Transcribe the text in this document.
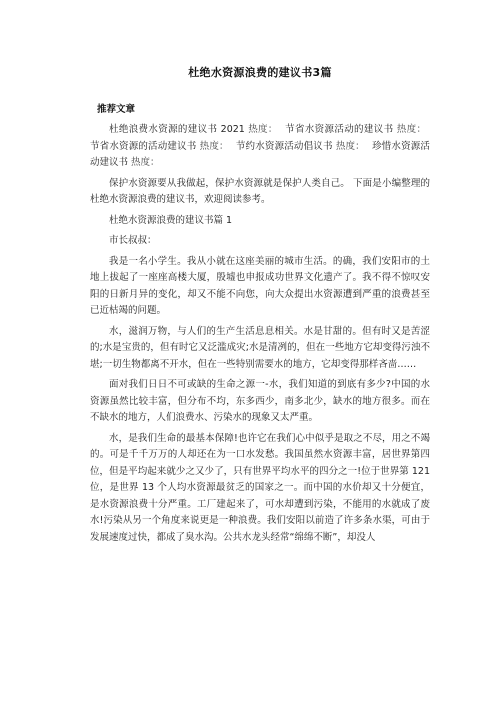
杜绝水资源浪费的建议书3篇
推荐文章

杜绝浪费水资源的建议书 2021 热度： 节省水资源活动的建议书 热度： 节省水资源的活动建议书 热度： 节约水资源活动倡议书 热度： 珍惜水资源活动建议书 热度：

保护水资源要从我做起，保护水资源就是保护人类自己。 下面是小编整理的杜绝水资源浪费的建议书，欢迎阅读参考。

杜绝水资源浪费的建议书篇 1

市长叔叔：

我是一名小学生。我从小就在这座美丽的城市生活。的确，我们安阳市的土地上拔起了一座座高楼大厦，殷墟也申报成功世界文化遗产了。我不得不惊叹安阳的日新月异的变化，却又不能不向您，向大众提出水资源遭到严重的浪费甚至已近枯竭的问题。

水，滋润万物，与人们的生产生活息息相关。水是甘甜的。但有时又是苦涩的;水是宝贵的，但有时它又泛滥成灾;水是清冽的，但在一些地方它却变得污浊不堪;一切生物都离不开水，但在一些特别需要水的地方，它却变得那样吝啬……

面对我们日日不可或缺的生命之源一-水，我们知道的到底有多少?中国的水资源虽然比较丰富，但分布不均，东多西少，南多北少，缺水的地方很多。而在不缺水的地方，人们浪费水、污染水的现象又太严重。

水，是我们生命的最基本保障!也许它在我们心中似乎是取之不尽，用之不竭的。可是千千万万的人却还在为一口水发愁。我国虽然水资源丰富，居世界第四位，但是平均起来就少之又少了，只有世界平均水平的四分之一!位于世界第 121 位，是世界 13 个人均水资源最贫乏的国家之一。而中国的水价却又十分便宜，是水资源浪费十分严重。工厂建起来了，可水却遭到污染，不能用的水就成了废水!污染从另一个角度来说更是一种浪费。我们安阳以前造了许多条水渠，可由于发展速度过快，都成了臭水沟。公共水龙头经常“绵绵不断”，却没人
